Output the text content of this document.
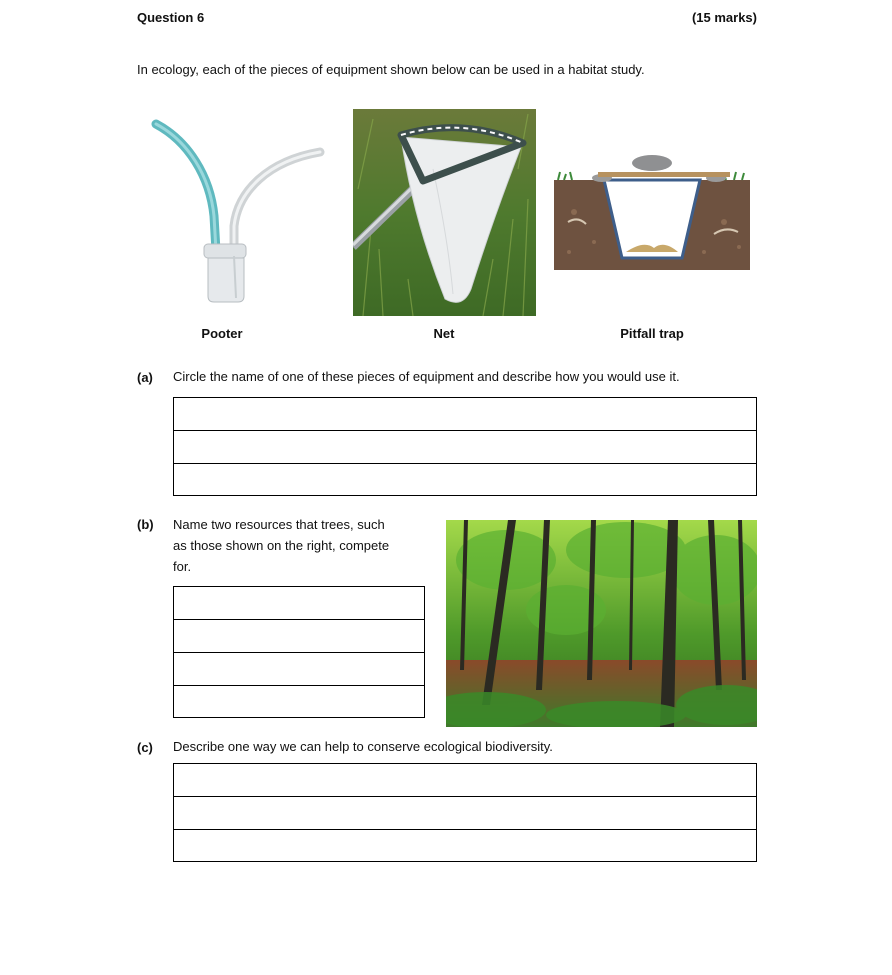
Question 6	(15 marks)
In ecology, each of the pieces of equipment shown below can be used in a habitat study.
Pooter	Net	Pitfall trap
(a) Circle the name of one of these pieces of equipment and describe how you would use it.
(b) Name two resources that trees, such
as those shown on the right, compete
for.
(c) Describe one way we can help to conserve ecological biodiversity.
